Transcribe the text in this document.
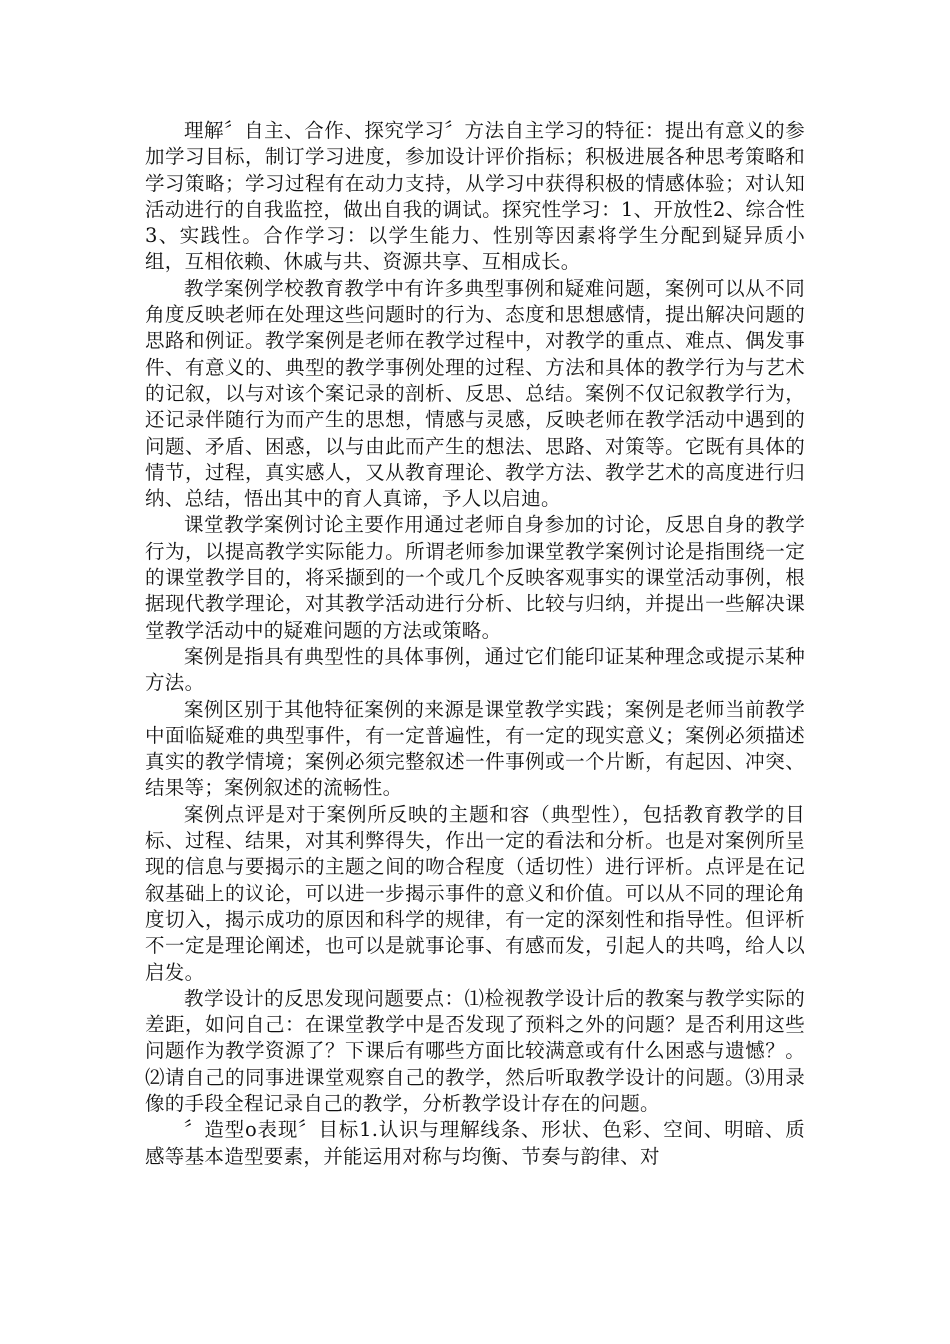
理解〞自主、合作、探究学习〞方法自主学习的特征：提出有意义的参加学习目标，制订学习进度，参加设计评价指标；积极进展各种思考策略和学习策略；学习过程有在动力支持，从学习中获得积极的情感体验；对认知活动进行的自我监控，做出自我的调试。探究性学习：1、开放性2、综合性3、实践性。合作学习：以学生能力、性别等因素将学生分配到疑异质小组，互相依赖、休戚与共、资源共享、互相成长。

教学案例学校教育教学中有许多典型事例和疑难问题，案例可以从不同角度反映老师在处理这些问题时的行为、态度和思想感情，提出解决问题的思路和例证。教学案例是老师在教学过程中，对教学的重点、难点、偶发事件、有意义的、典型的教学事例处理的过程、方法和具体的教学行为与艺术的记叙，以与对该个案记录的剖析、反思、总结。案例不仅记叙教学行为，还记录伴随行为而产生的思想，情感与灵感，反映老师在教学活动中遇到的问题、矛盾、困惑，以与由此而产生的想法、思路、对策等。它既有具体的情节，过程，真实感人，又从教育理论、教学方法、教学艺术的高度进行归纳、总结，悟出其中的育人真谛，予人以启迪。

课堂教学案例讨论主要作用通过老师自身参加的讨论，反思自身的教学行为，以提高教学实际能力。所谓老师参加课堂教学案例讨论是指围绕一定的课堂教学目的，将采撷到的一个或几个反映客观事实的课堂活动事例，根据现代教学理论，对其教学活动进行分析、比较与归纳，并提出一些解决课堂教学活动中的疑难问题的方法或策略。

案例是指具有典型性的具体事例，通过它们能印证某种理念或提示某种方法。

案例区别于其他特征案例的来源是课堂教学实践；案例是老师当前教学中面临疑难的典型事件，有一定普遍性，有一定的现实意义；案例必须描述真实的教学情境；案例必须完整叙述一件事例或一个片断，有起因、冲突、结果等；案例叙述的流畅性。

案例点评是对于案例所反映的主题和容（典型性），包括教育教学的目标、过程、结果，对其利弊得失，作出一定的看法和分析。也是对案例所呈现的信息与要揭示的主题之间的吻合程度（适切性）进行评析。点评是在记叙基础上的议论，可以进一步揭示事件的意义和价值。可以从不同的理论角度切入，揭示成功的原因和科学的规律，有一定的深刻性和指导性。但评析不一定是理论阐述，也可以是就事论事、有感而发，引起人的共鸣，给人以启发。

教学设计的反思发现问题要点：⑴检视教学设计后的教案与教学实际的差距，如问自己：在课堂教学中是否发现了预料之外的问题？是否利用这些问题作为教学资源了？下课后有哪些方面比较满意或有什么困惑与遗憾？。⑵请自己的同事进课堂观察自己的教学，然后听取教学设计的问题。⑶用录像的手段全程记录自己的教学，分析教学设计存在的问题。

〞造型o表现〞目标1.认识与理解线条、形状、色彩、空间、明暗、质感等基本造型要素，并能运用对称与均衡、节奏与韵律、对
